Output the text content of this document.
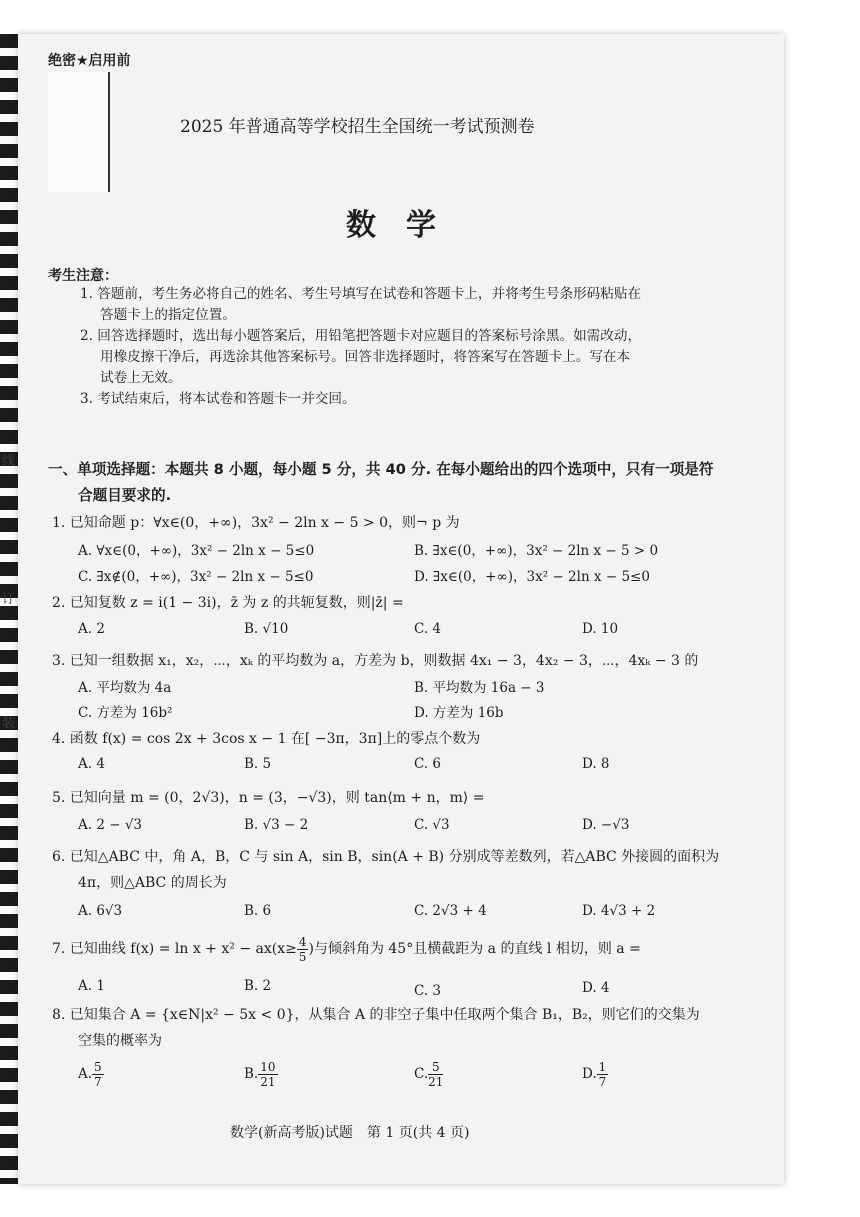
线
订
装
绝密★启用前
2025 年普通高等学校招生全国统一考试预测卷
数学
考生注意：
1. 答题前，考生务必将自己的姓名、考生号填写在试卷和答题卡上，并将考生号条形码粘贴在
答题卡上的指定位置。
2. 回答选择题时，选出每小题答案后，用铅笔把答题卡对应题目的答案标号涂黑。如需改动，
用橡皮擦干净后，再选涂其他答案标号。回答非选择题时，将答案写在答题卡上。写在本
试卷上无效。
3. 考试结束后，将本试卷和答题卡一并交回。
一、单项选择题：本题共 8 小题，每小题 5 分，共 40 分. 在每小题给出的四个选项中，只有一项是符
合题目要求的.
1. 已知命题 p：∀x∈(0，+∞)，3x² − 2ln x − 5 > 0，则¬ p 为
A. ∀x∈(0，+∞)，3x² − 2ln x − 5≤0	B. ∃x∈(0，+∞)，3x² − 2ln x − 5 > 0
C. ∃x∉(0，+∞)，3x² − 2ln x − 5≤0	D. ∃x∈(0，+∞)，3x² − 2ln x − 5≤0
2. 已知复数 z = i(1 − 3i)，z̄ 为 z 的共轭复数，则|z̄| =
A. 2	B. √10	C. 4	D. 10
3. 已知一组数据 x₁，x₂，⋯，xₖ 的平均数为 a，方差为 b，则数据 4x₁ − 3，4x₂ − 3，⋯，4xₖ − 3 的
A. 平均数为 4a	B. 平均数为 16a − 3
C. 方差为 16b²	D. 方差为 16b
4. 函数 f(x) = cos 2x + 3cos x − 1 在[ −3π，3π]上的零点个数为
A. 4	B. 5	C. 6	D. 8
5. 已知向量 m = (0，2√3)，n = (3，−√3)，则 tan⟨m + n，m⟩ =
A. 2 − √3	B. √3 − 2	C. √3	D. −√3
6. 已知△ABC 中，角 A，B，C 与 sin A，sin B，sin(A + B) 分别成等差数列，若△ABC 外接圆的面积为
4π，则△ABC 的周长为
A. 6√3	B. 6	C. 2√3 + 4	D. 4√3 + 2
7. 已知曲线 $f(x) = \ln x + x^2 - ax(x\ge \frac{4}{5}$ )与倾斜角为 45°且横截距为 a 的直线 l 相切，则 a =
A. 1	B. 2	C. 3	D. 4
8. 已知集合 A = {x∈N|x² − 5x < 0}，从集合 A 的非空子集中任取两个集合 B₁，B₂，则它们的交集为
空集的概率为
A. $\frac{5}{7}$	B. $\frac{10}{21}$	C. $\frac{5}{21}$	D. $\frac{1}{7}$
数学(新高考版)试题　第 1 页(共 4 页)
